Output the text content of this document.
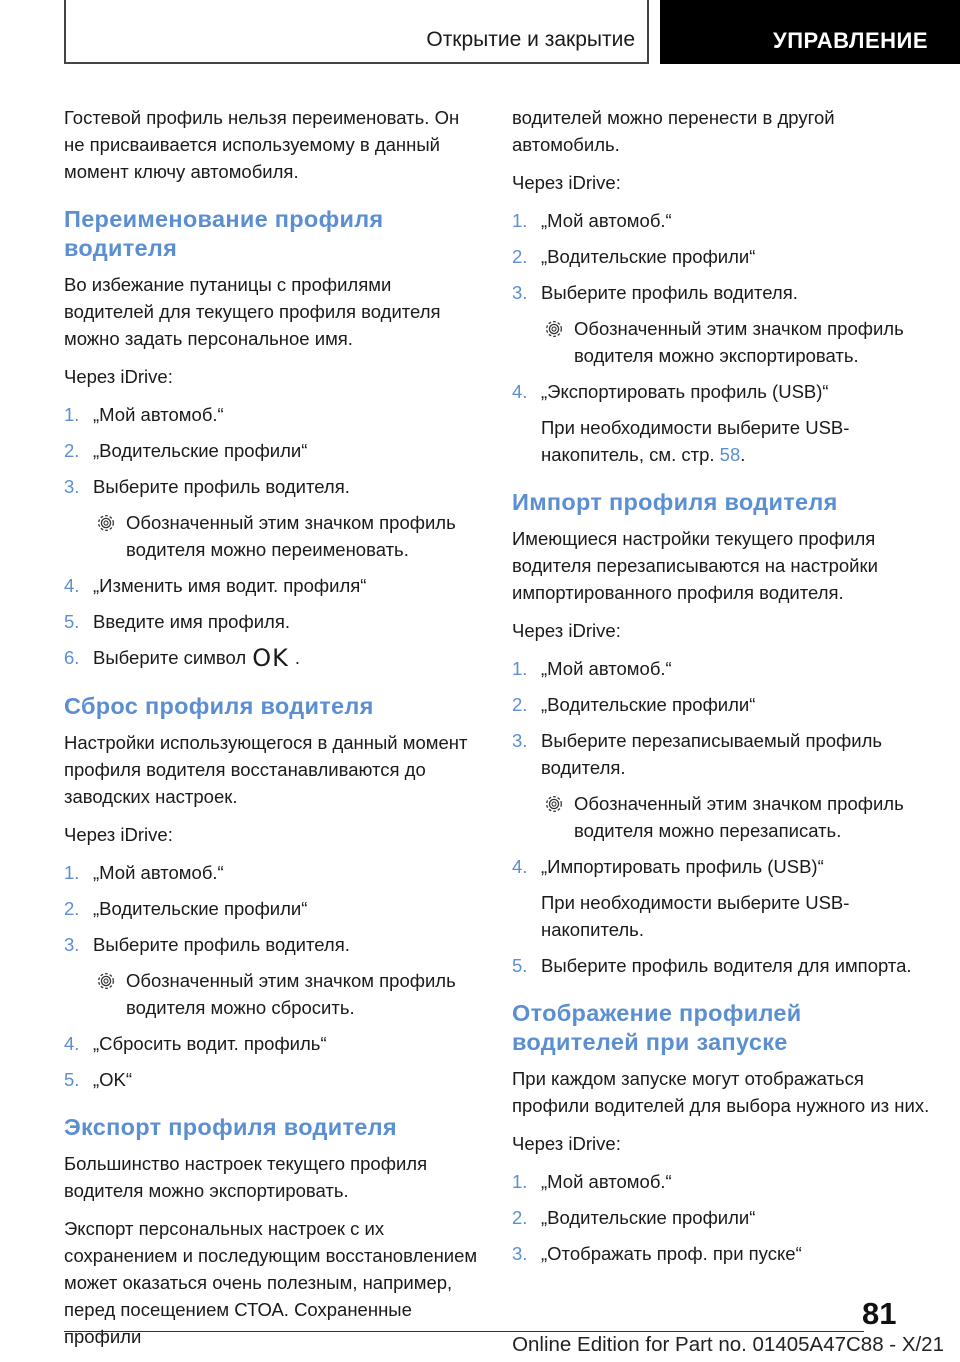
Открытие и закрытие	УПРАВЛЕНИЕ

Гостевой профиль нельзя переименовать. Он не присваивается используемому в данный момент ключу автомобиля.

Переименование профиля водителя

Во избежание путаницы с профилями водителей для текущего профиля водителя можно задать персональное имя.

Через iDrive:

1. „Мой автомоб.“
2. „Водительские профили“
3. Выберите профиль водителя.
Обозначенный этим значком профиль водителя можно переименовать.
4. „Изменить имя водит. профиля“
5. Введите имя профиля.
6. Выберите символ OK .
Сброс профиля водителя

Настройки использующегося в данный момент профиля водителя восстанавливаются до заводских настроек.

Через iDrive:

1. „Мой автомоб.“
2. „Водительские профили“
3. Выберите профиль водителя.
Обозначенный этим значком профиль водителя можно сбросить.
4. „Сбросить водит. профиль“
5. „OK“
Экспорт профиля водителя

Большинство настроек текущего профиля водителя можно экспортировать.

Экспорт персональных настроек с их сохранением и последующим восстановлением может оказаться очень полезным, например, перед посещением СТОА. Сохраненные профили

водителей можно перенести в другой автомобиль.

Через iDrive:

1. „Мой автомоб.“
2. „Водительские профили“
3. Выберите профиль водителя.
Обозначенный этим значком профиль водителя можно экспортировать.
4. „Экспортировать профиль (USB)“
При необходимости выберите USB-накопитель, см. стр. 58.
Импорт профиля водителя

Имеющиеся настройки текущего профиля водителя перезаписываются на настройки импортированного профиля водителя.

Через iDrive:

1. „Мой автомоб.“
2. „Водительские профили“
3. Выберите перезаписываемый профиль водителя.
Обозначенный этим значком профиль водителя можно перезаписать.
4. „Импортировать профиль (USB)“
При необходимости выберите USB-накопитель.
5. Выберите профиль водителя для импорта.
Отображение профилей водителей при запуске

При каждом запуске могут отображаться профили водителей для выбора нужного из них.

Через iDrive:

1. „Мой автомоб.“
2. „Водительские профили“
3. „Отображать проф. при пуске“
81
Online Edition for Part no. 01405A47C88 - X/21
